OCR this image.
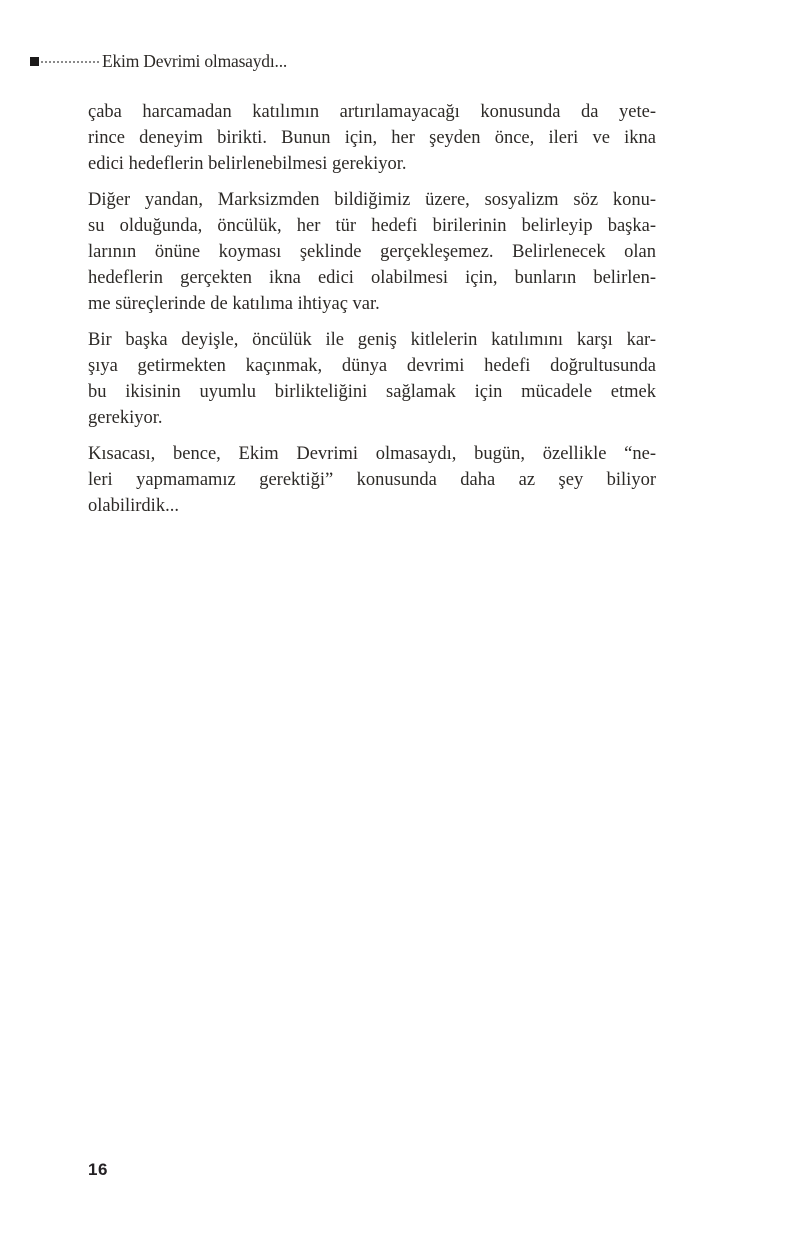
Ekim Devrimi olmasaydı...
çaba harcamadan katılımın artırılamayacağı konusunda da yete-
rince deneyim birikti. Bunun için, her şeyden önce, ileri ve ikna
edici hedeflerin belirlenebilmesi gerekiyor.
Diğer yandan, Marksizmden bildiğimiz üzere, sosyalizm söz konu-
su olduğunda, öncülük, her tür hedefi birilerinin belirleyip başka-
larının önüne koyması şeklinde gerçekleşemez. Belirlenecek olan
hedeflerin gerçekten ikna edici olabilmesi için, bunların belirlen-
me süreçlerinde de katılıma ihtiyaç var.
Bir başka deyişle, öncülük ile geniş kitlelerin katılımını karşı kar-
şıya getirmekten kaçınmak, dünya devrimi hedefi doğrultusunda
bu ikisinin uyumlu birlikteliğini sağlamak için mücadele etmek
gerekiyor.
Kısacası, bence, Ekim Devrimi olmasaydı, bugün, özellikle “ne-
leri yapmamamız gerektiği” konusunda daha az şey biliyor
olabilirdik...
16
